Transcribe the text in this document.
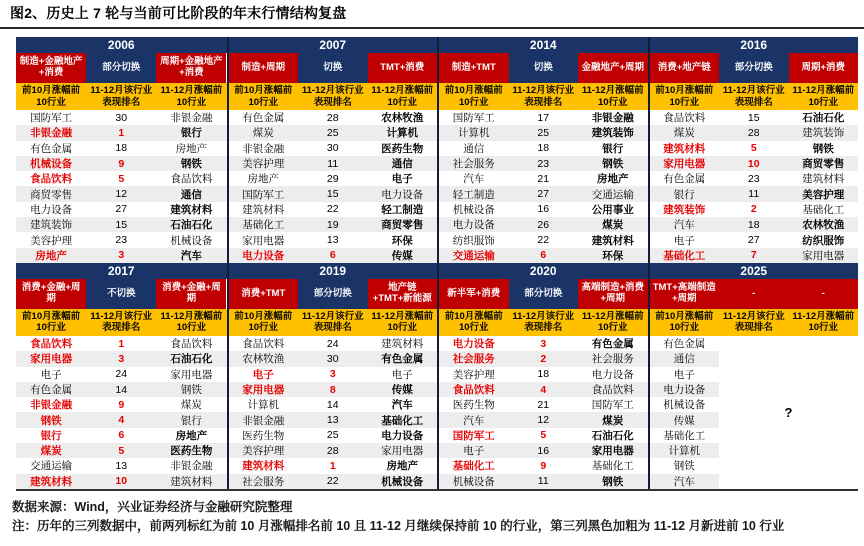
图2、历史上 7 轮与当前可比阶段的年末行情结构复盘
2006
制造+金融地产+消费	部分切换	周期+金融地产+消费
前10月涨幅前10行业
11-12月该行业表现排名
11-12月涨幅前10行业
国防军工	30	非银金融
非银金融	1	银行
有色金属	18	房地产
机械设备	9	钢铁
食品饮料	5	食品饮料
商贸零售	12	通信
电力设备	27	建筑材料
建筑装饰	15	石油石化
美容护理	23	机械设备
房地产	3	汽车
2007
制造+周期	切换	TMT+消费
前10月涨幅前10行业
11-12月该行业表现排名
11-12月涨幅前10行业
有色金属	28	农林牧渔
煤炭	25	计算机
非银金融	30	医药生物
美容护理	11	通信
房地产	29	电子
国防军工	15	电力设备
建筑材料	22	轻工制造
基础化工	19	商贸零售
家用电器	13	环保
电力设备	6	传媒
2014
制造+TMT	切换	金融地产+周期
前10月涨幅前10行业
11-12月该行业表现排名
11-12月涨幅前10行业
国防军工	17	非银金融
计算机	25	建筑装饰
通信	18	银行
社会服务	23	钢铁
汽车	21	房地产
轻工制造	27	交通运输
机械设备	16	公用事业
电力设备	26	煤炭
纺织服饰	22	建筑材料
交通运输	6	环保
2016
消费+地产链	部分切换	周期+消费
前10月涨幅前10行业
11-12月该行业表现排名
11-12月涨幅前10行业
食品饮料	15	石油石化
煤炭	28	建筑装饰
建筑材料	5	钢铁
家用电器	10	商贸零售
有色金属	23	建筑材料
银行	11	美容护理
建筑装饰	2	基础化工
汽车	18	农林牧渔
电子	27	纺织服饰
基础化工	7	家用电器
2017
消费+金融+周期	不切换	消费+金融+周期
前10月涨幅前10行业
11-12月该行业表现排名
11-12月涨幅前10行业
食品饮料	1	食品饮料
家用电器	3	石油石化
电子	24	家用电器
有色金属	14	钢铁
非银金融	9	煤炭
钢铁	4	银行
银行	6	房地产
煤炭	5	医药生物
交通运输	13	非银金融
建筑材料	10	建筑材料
2019
消费+TMT	部分切换	地产链+TMT+新能源
前10月涨幅前10行业
11-12月该行业表现排名
11-12月涨幅前10行业
食品饮料	24	建筑材料
农林牧渔	30	有色金属
电子	3	电子
家用电器	8	传媒
计算机	14	汽车
非银金融	13	基础化工
医药生物	25	电力设备
美容护理	28	家用电器
建筑材料	1	房地产
社会服务	22	机械设备
2020
新半军+消费	部分切换	高端制造+消费+周期
前10月涨幅前10行业
11-12月该行业表现排名
11-12月涨幅前10行业
电力设备	3	有色金属
社会服务	2	社会服务
美容护理	18	电力设备
食品饮料	4	食品饮料
医药生物	21	国防军工
汽车	12	煤炭
国防军工	5	石油石化
电子	16	家用电器
基础化工	9	基础化工
机械设备	11	钢铁
2025
TMT+高端制造+周期	-	-
前10月涨幅前10行业
11-12月该行业表现排名
11-12月涨幅前10行业
有色金属
通信
电子
电力设备
机械设备
传媒
基础化工
计算机
钢铁
汽车
?
数据来源：Wind，兴业证券经济与金融研究院整理
注：历年的三列数据中，前两列标红为前 10 月涨幅排名前 10 且 11-12 月继续保持前 10 的行业，第三列黑色加粗为 11-12 月新进前 10 行业
